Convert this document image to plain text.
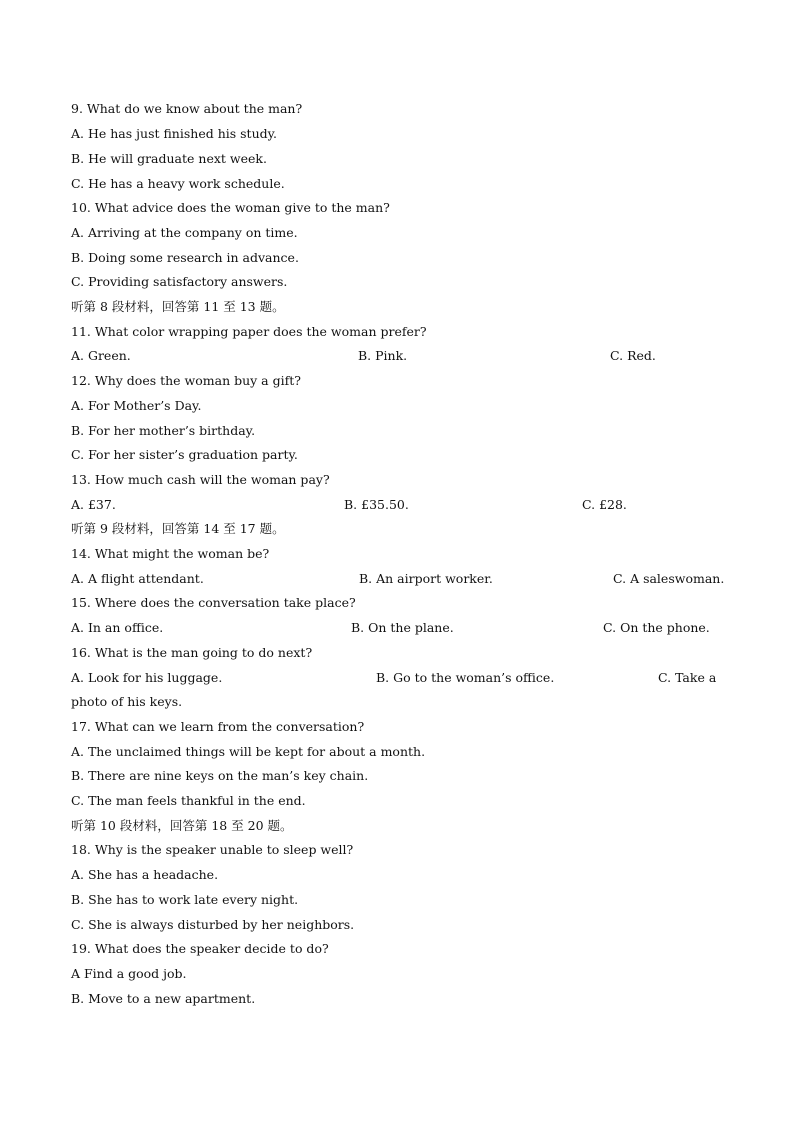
9. What do we know about the man?
A. He has just finished his study.
B. He will graduate next week.
C. He has a heavy work schedule.
10. What advice does the woman give to the man?
A. Arriving at the company on time.
B. Doing some research in advance.
C. Providing satisfactory answers.
听第 8 段材料，回答第 11 至 13 题。
11. What color wrapping paper does the woman prefer?
A. Green.	B. Pink.	C. Red.
12. Why does the woman buy a gift?
A. For Mother’s Day.
B. For her mother’s birthday.
C. For her sister’s graduation party.
13. How much cash will the woman pay?
A. £37.	B. £35.50.	C. £28.
听第 9 段材料，回答第 14 至 17 题。
14. What might the woman be?
A. A flight attendant.	B. An airport worker.	C. A saleswoman.
15. Where does the conversation take place?
A. In an office.	B. On the plane.	C. On the phone.
16. What is the man going to do next?
A. Look for his luggage.	B. Go to the woman’s office.	C. Take a
photo of his keys.
17. What can we learn from the conversation?
A. The unclaimed things will be kept for about a month.
B. There are nine keys on the man’s key chain.
C. The man feels thankful in the end.
听第 10 段材料，回答第 18 至 20 题。
18. Why is the speaker unable to sleep well?
A. She has a headache.
B. She has to work late every night.
C. She is always disturbed by her neighbors.
19. What does the speaker decide to do?
A Find a good job.
B. Move to a new apartment.
